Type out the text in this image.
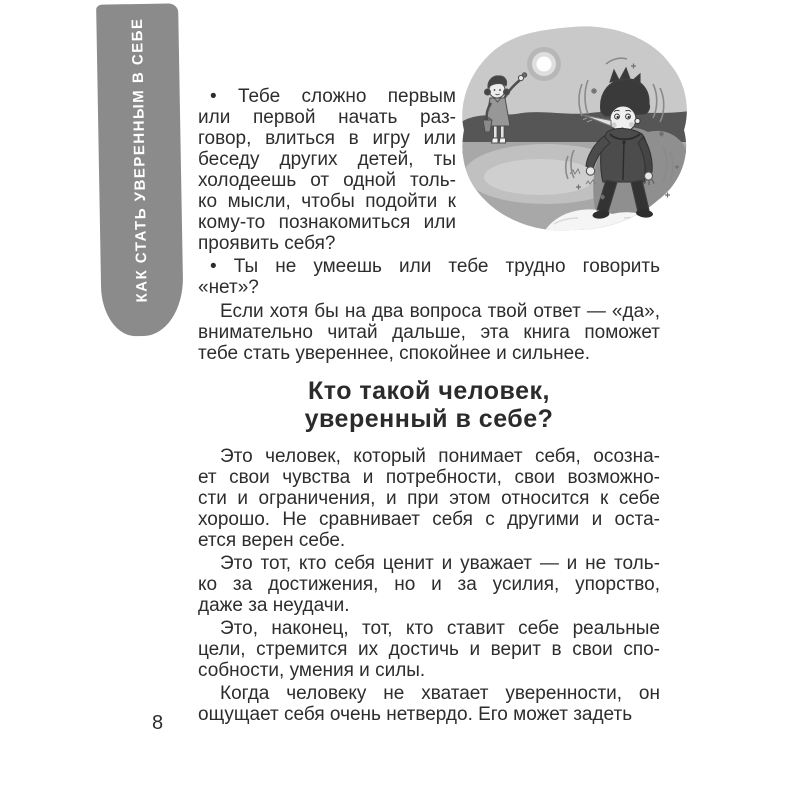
КАК СТАТЬ УВЕРЕННЫМ В СЕБЕ	• Тебе сложно первым
или первой начать раз-
говор, влиться в игру или
беседу других детей, ты
холодеешь от одной толь-
ко мысли, чтобы подойти к
кому-то познакомиться или
проявить себя?
• Ты не умеешь или тебе трудно говорить
«нет»?
Если хотя бы на два вопроса твой ответ — «да»,
внимательно читай дальше, эта книга поможет
тебе стать увереннее, спокойнее и сильнее.
Кто такой человек,
уверенный в себе?
Это человек, который понимает себя, осозна-
ет свои чувства и потребности, свои возможно-
сти и ограничения, и при этом относится к себе
хорошо. Не сравнивает себя с другими и оста-
ется верен себе.
Это тот, кто себя ценит и уважает — и не толь-
ко за достижения, но и за усилия, упорство,
даже за неудачи.
Это, наконец, тот, кто ставит себе реальные
цели, стремится их достичь и верит в свои спо-
собности, умения и силы.
Когда человеку не хватает уверенности, он
ощущает себя очень нетвердо. Его может задеть
8
